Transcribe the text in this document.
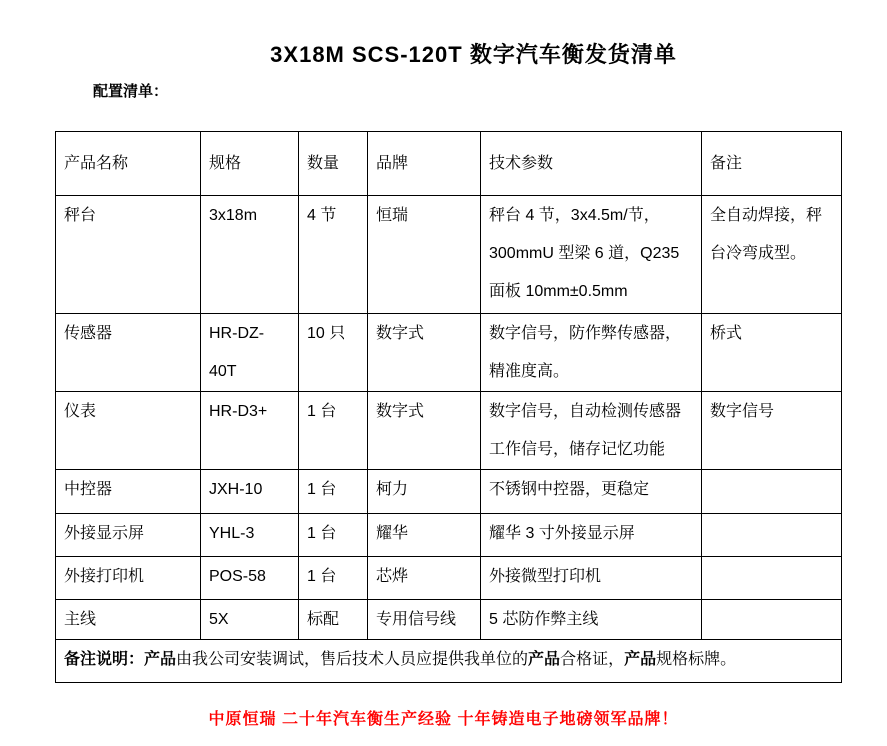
3X18M SCS-120T 数字汽车衡发货清单
配置清单：
产品名称	规格	数量	品牌	技术参数	备注
秤台	3x18m	4 节	恒瑞	秤台 4 节，3x4.5m/节，300mmU 型梁 6 道，Q235 面板 10mm±0.5mm	全自动焊接，秤台冷弯成型。
传感器	HR-DZ-40T	10 只	数字式	数字信号，防作弊传感器，精准度高。	桥式
仪表	HR-D3+	1 台	数字式	数字信号，自动检测传感器工作信号，储存记忆功能	数字信号
中控器	JXH-10	1 台	柯力	不锈钢中控器，更稳定	
外接显示屏	YHL-3	1 台	耀华	耀华 3 寸外接显示屏	
外接打印机	POS-58	1 台	芯烨	外接微型打印机	
主线	5X	标配	专用信号线	5 芯防作弊主线	
备注说明：产品由我公司安装调试，售后技术人员应提供我单位的产品合格证，产品规格标牌。					
中原恒瑞 二十年汽车衡生产经验 十年铸造电子地磅领军品牌！
